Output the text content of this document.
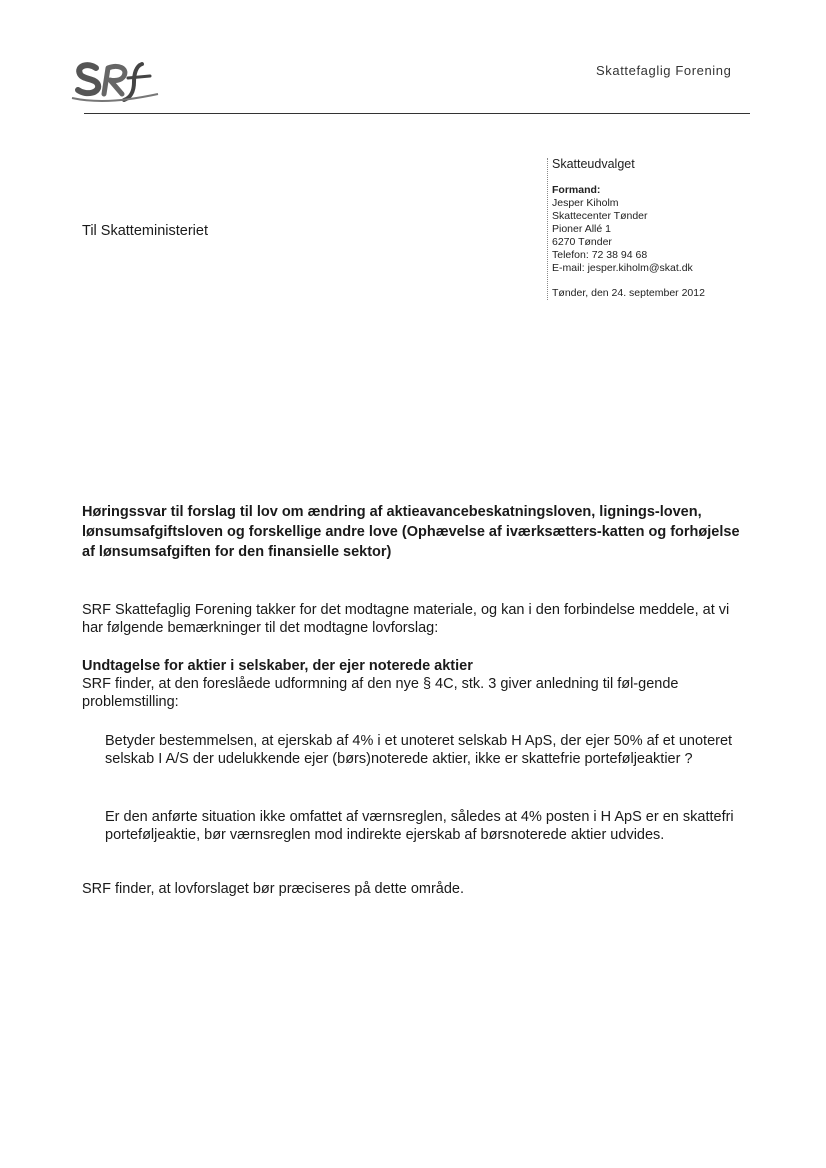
Skattefaglig Forening
Skatteudvalget
Formand:
Jesper Kiholm
Skattecenter Tønder
Pioner Allé 1
6270 Tønder
Telefon: 72 38 94 68
E-mail: jesper.kiholm@skat.dk
Tønder, den 24. september 2012
Til Skatteministeriet
Høringssvar til forslag til lov om ændring af aktieavancebeskatningsloven, lignings-loven, lønsumsafgiftsloven og forskellige andre love (Ophævelse af iværksætters-katten og forhøjelse af lønsumsafgiften for den finansielle sektor)
SRF Skattefaglig Forening takker for det modtagne materiale, og kan i den forbindelse meddele, at vi har følgende bemærkninger til det modtagne lovforslag:
Undtagelse for aktier i selskaber, der ejer noterede aktier
SRF finder, at den foreslåede udformning af den nye § 4C, stk. 3 giver anledning til føl-gende problemstilling:
Betyder bestemmelsen, at ejerskab af 4% i et unoteret selskab H ApS, der ejer 50% af et unoteret selskab I A/S der udelukkende ejer (børs)noterede aktier, ikke er skattefrie porteføljeaktier ?
Er den anførte situation ikke omfattet af værnsreglen, således at 4% posten i H ApS er en skattefri porteføljeaktie, bør værnsreglen mod indirekte ejerskab af børsnoterede aktier udvides.
SRF finder, at lovforslaget bør præciseres på dette område.
